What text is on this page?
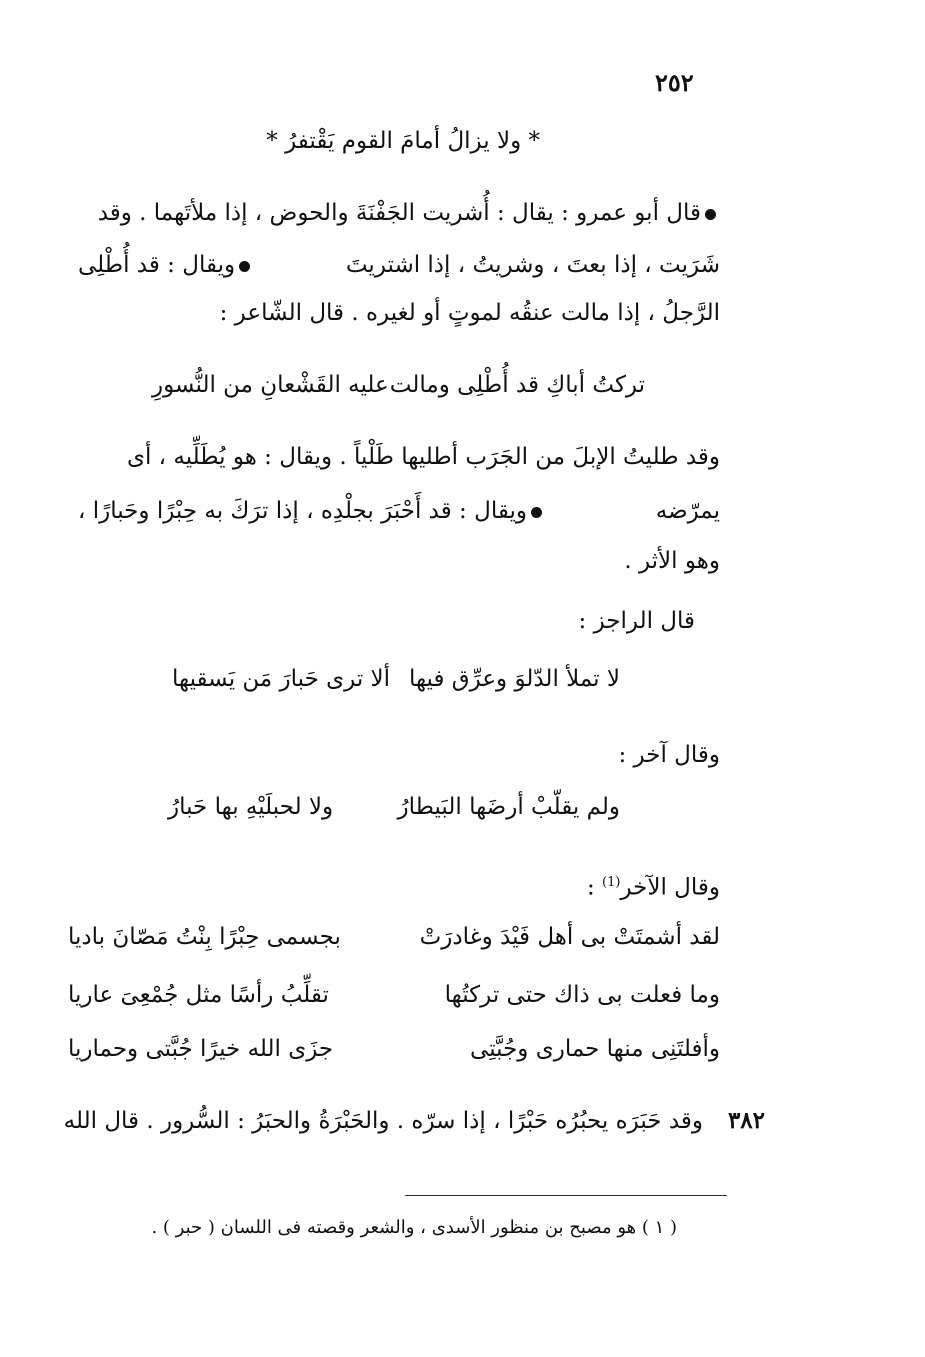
٢٥٢
* ولا يزالُ أمامَ القوم يَقْتفرُ *
قال أبو عمرو : يقال : أُشريت الجَفْنَةَ والحوض ، إذا ملأتَهما . وقد
شَرَيت ، إذا بعتَ ، وشريتُ ، إذا اشتريتَ
ويقال : قد أُطْلِى
الرَّجلُ ، إذا مالت عنقُه لموتٍ أو لغيره . قال الشّاعر :
تركتُ أباكِ قد أُطْلِى ومالت
عليه القَشْعانِ من النُّسورِ
وقد طليتُ الإبلَ من الجَرَب أطليها طَلْياً . ويقال : هو يُطَلِّيه ، أى
يمرّضه
ويقال : قد أَحْبَرَ بجلْدِه ، إذا ترَكَ به حِبْرًا وحَبارًا ،
وهو الأثر .
قال الراجز :
لا تملأ الدّلوَ وعرِّق فيها
ألا ترى حَبارَ مَن يَسقيها
وقال آخر :
ولم يقلّبْ أرضَها البَيطارُ
ولا لحبلَيْهِ بها حَبارُ
وقال الآخر$^{(1)}$ :
لقد أشمتَتْ بى أهل فَيْدَ وغادرَتْ
بجسمى حِبْرًا بِنْتُ مَصّانَ باديا
وما فعلت بى ذاك حتى تركتُها
تقلِّبُ رأسًا مثل جُمْعِىَ عاريا
وأفلتَنِى منها حمارى وجُبَّتِى
جزَى الله خيرًا جُبَّتى وحماريا
٣٨٢
وقد حَبَرَه يحبُرُه حَبْرًا ، إذا سرّه . والحَبْرَةُ والحبَرُ : السُّرور . قال الله
( ١ ) هو مصبح بن منظور الأسدى ، والشعر وقصته فى اللسان ( حبر ) .
